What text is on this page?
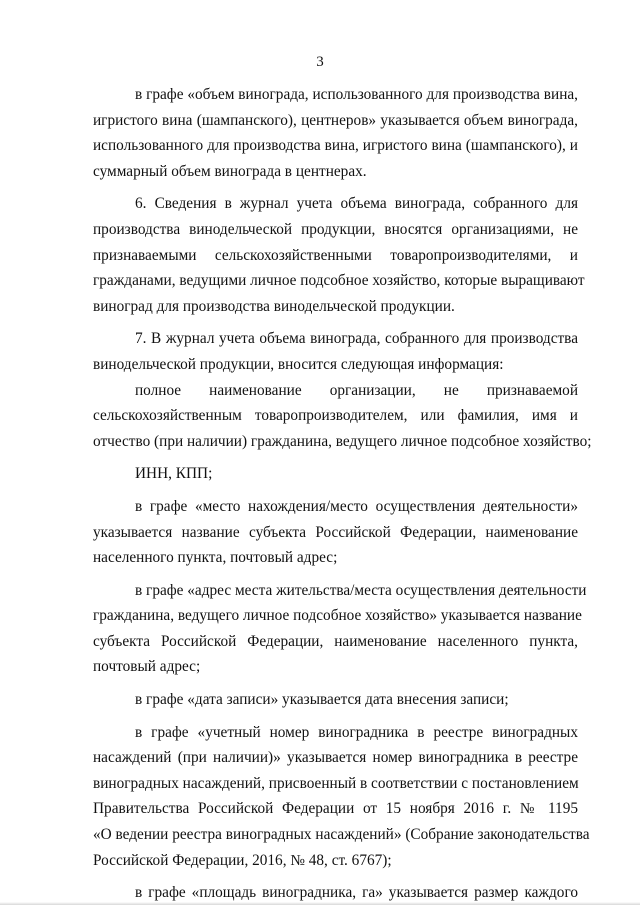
3
в графе «объем винограда, использованного для производства вина,
игристого вина (шампанского), центнеров» указывается объем винограда,
использованного для производства вина, игристого вина (шампанского), и
суммарный объем винограда в центнерах.
6. Сведения в журнал учета объема винограда, собранного для
производства винодельческой продукции, вносятся организациями, не
признаваемыми сельскохозяйственными товаропроизводителями, и
гражданами, ведущими личное подсобное хозяйство, которые выращивают
виноград для производства винодельческой продукции.
7. В журнал учета объема винограда, собранного для производства
винодельческой продукции, вносится следующая информация:
полное наименование организации, не признаваемой
сельскохозяйственным товаропроизводителем, или фамилия, имя и
отчество (при наличии) гражданина, ведущего личное подсобное хозяйство;
ИНН, КПП;
в графе «место нахождения/место осуществления деятельности»
указывается название субъекта Российской Федерации, наименование
населенного пункта, почтовый адрес;
в графе «адрес места жительства/места осуществления деятельности
гражданина, ведущего личное подсобное хозяйство» указывается название
субъекта Российской Федерации, наименование населенного пункта,
почтовый адрес;
в графе «дата записи» указывается дата внесения записи;
в графе «учетный номер виноградника в реестре виноградных
насаждений (при наличии)» указывается номер виноградника в реестре
виноградных насаждений, присвоенный в соответствии с постановлением
Правительства Российской Федерации от 15 ноября 2016 г. № 1195
«О ведении реестра виноградных насаждений» (Собрание законодательства
Российской Федерации, 2016, № 48, ст. 6767);
в графе «площадь виноградника, га» указывается размер каждого
